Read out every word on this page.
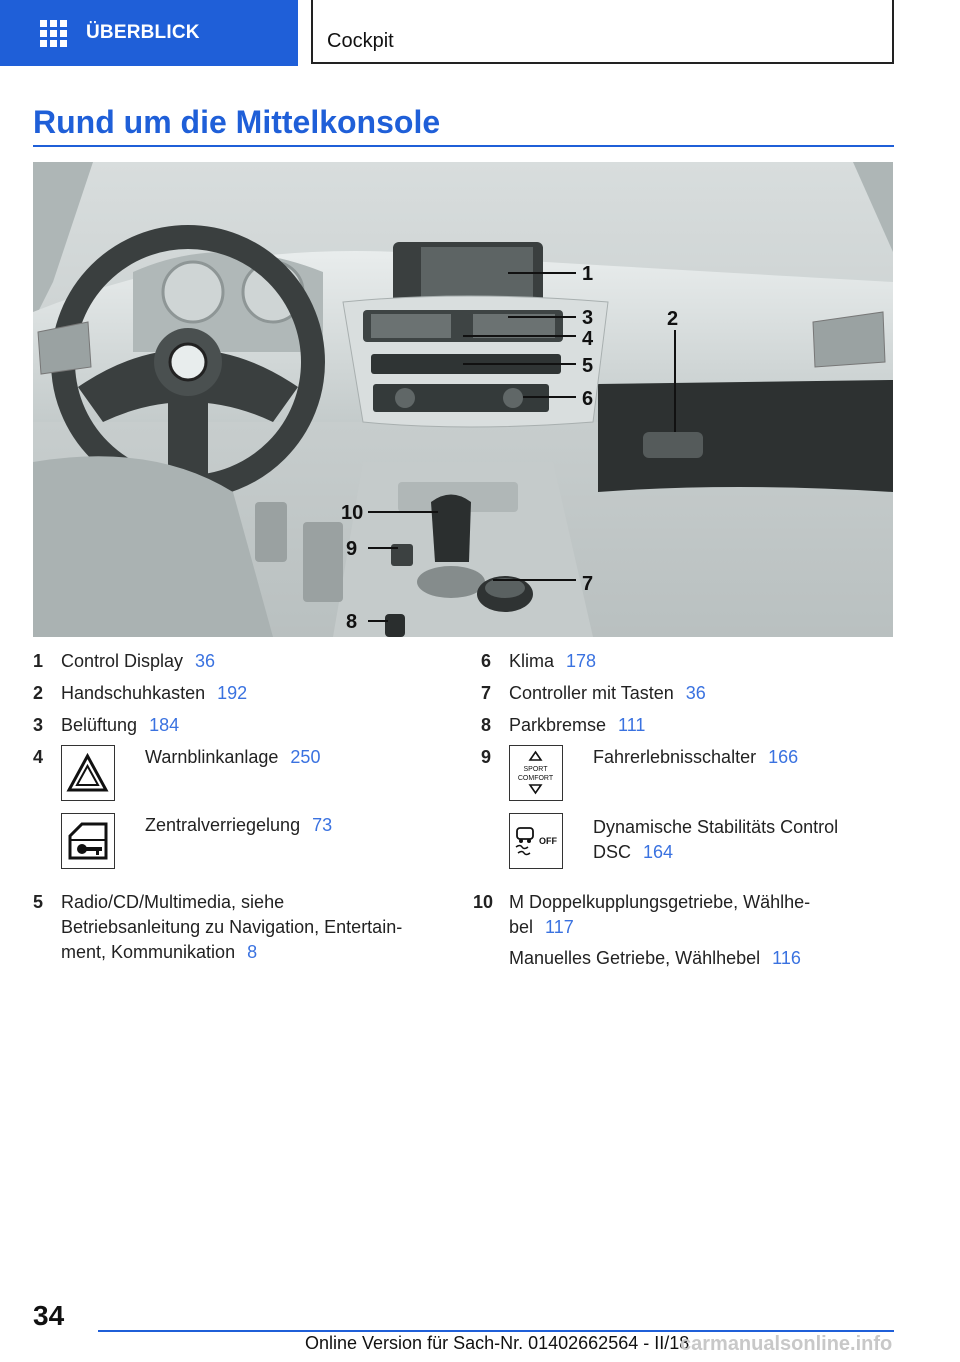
ÜBERBLICK	Cockpit
Rund um die Mittelkonsole
1
2
3
4
5
6
7
8
9
10
1 Control Display 36
2 Handschuhkasten 192
3 Belüftung 184
4	Warnblinkanlage 250
Zentralverriegelung 73
5 Radio/CD/Multimedia, siehe
Betriebsanleitung zu Navigation, Entertain-
ment, Kommunikation 8
6 Klima 178
7 Controller mit Tasten 36
8 Parkbremse 111
9
SPORT
COMFORT
Fahrerlebnisschalter 166
OFF
Dynamische Stabilitäts Control
DSC 164
10 M Doppelkupplungsgetriebe, Wählhe-
bel 117
Manuelles Getriebe, Wählhebel 116
34
Online Version für Sach-Nr. 01402662564 - II/18
carmanualsonline.info
